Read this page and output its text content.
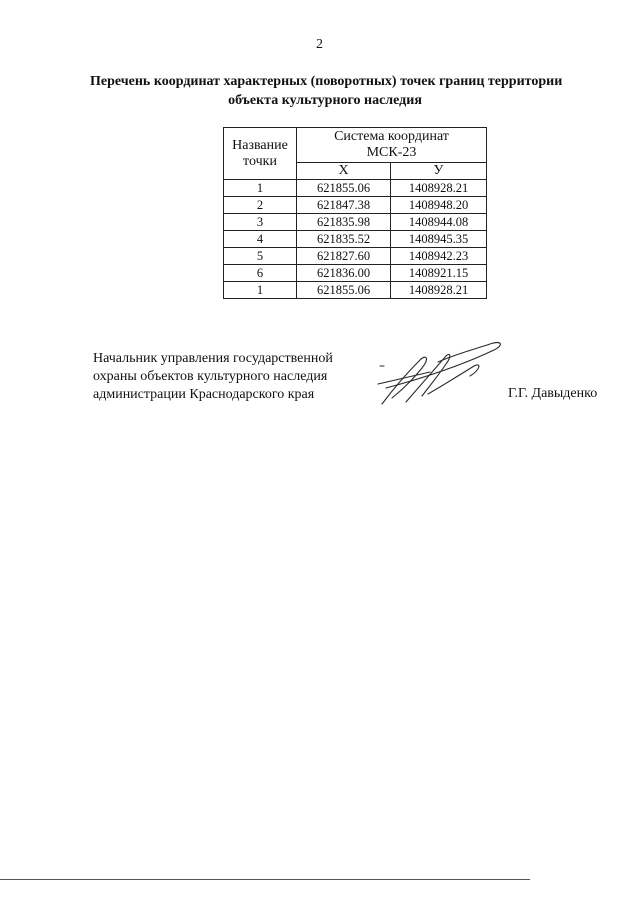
2
Перечень координат характерных (поворотных) точек границ территории
объекта культурного наследия
Название точки	Система координат
МСК-23	

	X	У
1	621855.06	1408928.21
2	621847.38	1408948.20
3	621835.98	1408944.08
4	621835.52	1408945.35
5	621827.60	1408942.23
6	621836.00	1408921.15
1	621855.06	1408928.21
Начальник управления государственной
охраны объектов культурного наследия
администрации Краснодарского края	Г.Г. Давыденко
